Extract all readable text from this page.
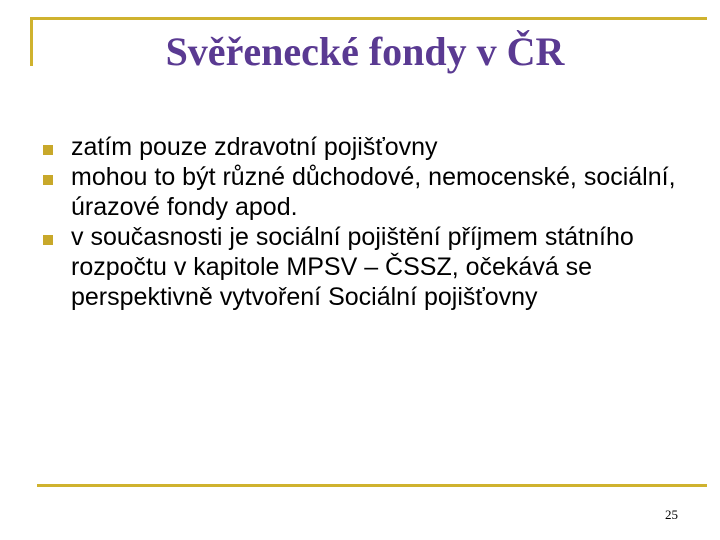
Svěřenecké fondy v ČR
zatím pouze zdravotní pojišťovny
mohou to být různé důchodové, nemocenské, sociální, úrazové fondy apod.
v současnosti je sociální pojištění příjmem státního rozpočtu v kapitole MPSV – ČSSZ, očekává se perspektivně vytvoření Sociální pojišťovny
25
